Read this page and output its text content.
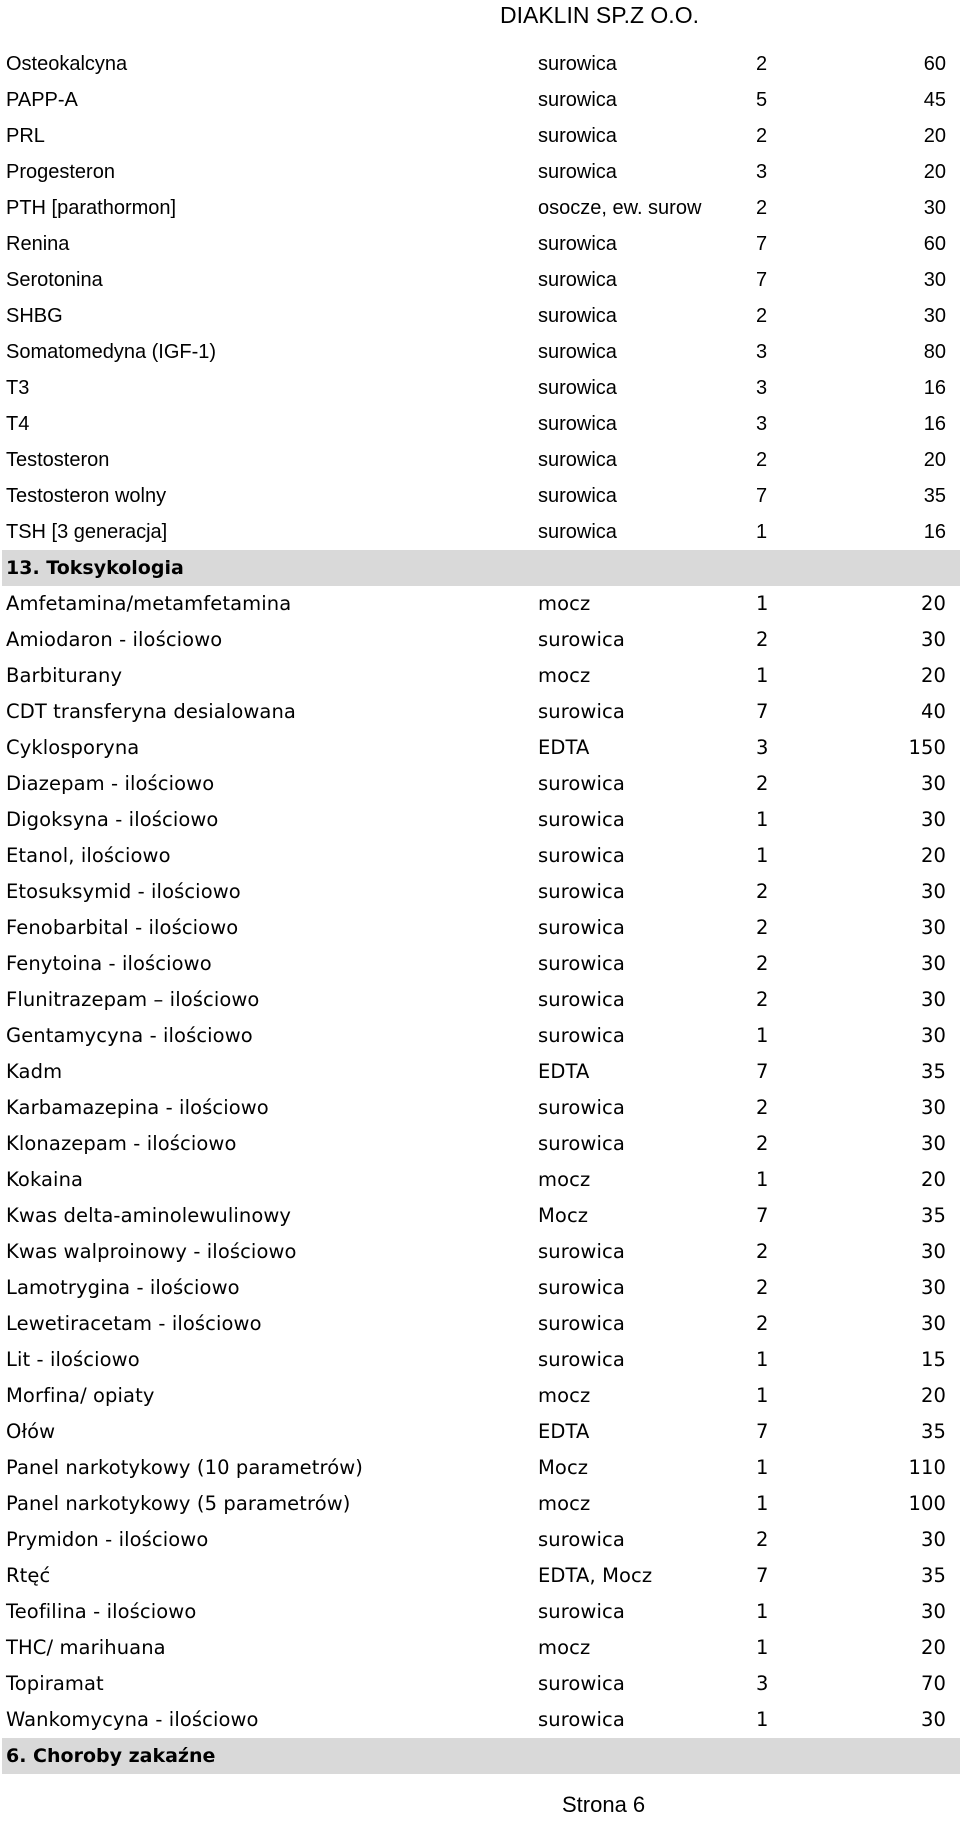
DIAKLIN SP.Z O.O.
Osteokalcyna	surowica	2	60
PAPP-A	surowica	5	45
PRL	surowica	2	20
Progesteron	surowica	3	20
PTH [parathormon]	osocze, ew. surow	2	30
Renina	surowica	7	60
Serotonina	surowica	7	30
SHBG	surowica	2	30
Somatomedyna (IGF-1)	surowica	3	80
T3	surowica	3	16
T4	surowica	3	16
Testosteron	surowica	2	20
Testosteron wolny	surowica	7	35
TSH [3 generacja]	surowica	1	16
13. Toksykologia			
Amfetamina/metamfetamina	mocz	1	20
Amiodaron - ilościowo	surowica	2	30
Barbiturany	mocz	1	20
CDT transferyna desialowana	surowica	7	40
Cyklosporyna	EDTA	3	150
Diazepam - ilościowo	surowica	2	30
Digoksyna - ilościowo	surowica	1	30
Etanol, ilościowo	surowica	1	20
Etosuksymid - ilościowo	surowica	2	30
Fenobarbital - ilościowo	surowica	2	30
Fenytoina - ilościowo	surowica	2	30
Flunitrazepam – ilościowo	surowica	2	30
Gentamycyna - ilościowo	surowica	1	30
Kadm	EDTA	7	35
Karbamazepina - ilościowo	surowica	2	30
Klonazepam - ilościowo	surowica	2	30
Kokaina	mocz	1	20
Kwas delta-aminolewulinowy	Mocz	7	35
Kwas walproinowy - ilościowo	surowica	2	30
Lamotrygina - ilościowo	surowica	2	30
Lewetiracetam - ilościowo	surowica	2	30
Lit - ilościowo	surowica	1	15
Morfina/ opiaty	mocz	1	20
Ołów	EDTA	7	35
Panel narkotykowy (10 parametrów)	Mocz	1	110
Panel narkotykowy (5 parametrów)	mocz	1	100
Prymidon - ilościowo	surowica	2	30
Rtęć	EDTA, Mocz	7	35
Teofilina - ilościowo	surowica	1	30
THC/ marihuana	mocz	1	20
Topiramat	surowica	3	70
Wankomycyna - ilościowo	surowica	1	30
6. Choroby zakaźne			
Strona 6
